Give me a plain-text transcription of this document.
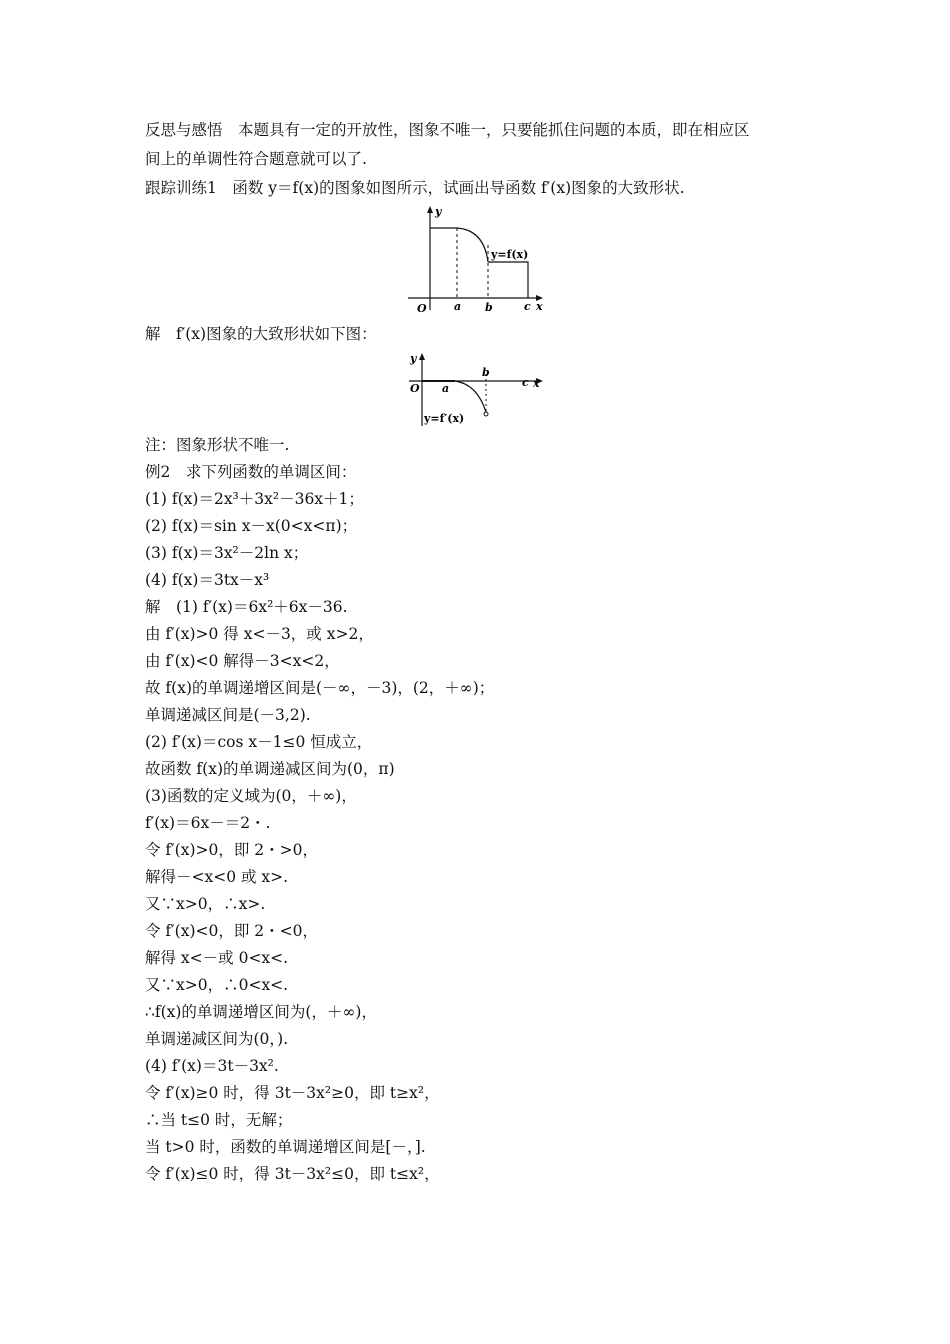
反思与感悟　本题具有一定的开放性，图象不唯一，只要能抓住问题的本质，即在相应区
间上的单调性符合题意就可以了.
跟踪训练1　函数 y＝f(x)的图象如图所示，试画出导函数 f′(x)图象的大致形状.
y
O a b	c x
y=f(x)
解　f′(x)图象的大致形状如下图：
y
O a
b
c x
y=f′(x)
注：图象形状不唯一.
例2　求下列函数的单调区间：
(1) f(x)＝2x³＋3x²－36x＋1；
(2) f(x)＝sin x－x(0<x<π)；
(3) f(x)＝3x²－2ln x；
(4) f(x)＝3tx－x³
解　(1) f′(x)＝6x²＋6x－36.
由 f′(x)>0 得 x<－3，或 x>2，
由 f′(x)<0 解得－3<x<2，
故 f(x)的单调递增区间是(－∞，－3)，(2，＋∞)；
单调递减区间是(－3,2).
(2) f′(x)＝cos x－1≤0 恒成立，
故函数 f(x)的单调递减区间为(0，π)
(3)函数的定义域为(0，＋∞)，
f′(x)＝6x－＝2・.
令 f′(x)>0，即 2・>0，
解得－<x<0 或 x>.
又∵x>0，∴x>.
令 f′(x)<0，即 2・<0，
解得 x<－或 0<x<.
又∵x>0，∴0<x<.
∴f(x)的单调递增区间为(，＋∞)，
单调递减区间为(0，).
(4) f′(x)＝3t－3x².
令 f′(x)≥0 时，得 3t－3x²≥0，即 t≥x²，
∴当 t≤0 时，无解；
当 t>0 时，函数的单调递增区间是[－，].
令 f′(x)≤0 时，得 3t－3x²≤0，即 t≤x²，
